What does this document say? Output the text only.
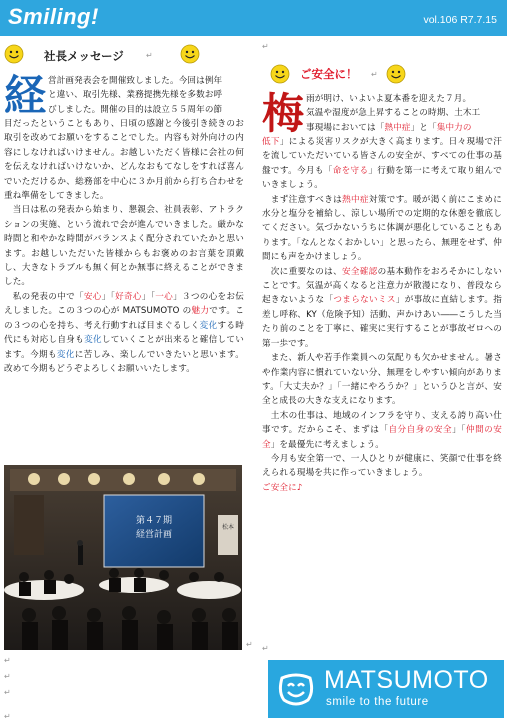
Smiling!	vol.106 R7.7.15
社長メッセージ	↵
経 営計画発表会を開催致しました。今回は例年
と違い、取引先様、業務提携先様を多数お呼
びしました。開催の目的は設立５５周年の節

目だったということもあり、日頃の感謝と今後引き続きのお取引を改めてお願いをすることでした。内容も対外向けの内容にしなければいけません。お越しいただく皆様に会社の何を伝えなければいけないか、どんなおもてなしをすれば喜んでいただけるか、総務部を中心に３か月前から打ち合わせを重ね準備をしてきました。

当日は私の発表から始まり、懇親会、社員表彰、アトラクションの実施、という流れで会が進んでいきました。厳かな時間と和やかな時間がバランスよく配分されていたかと思います。お越しいただいた皆様からもお褒めのお言葉を頂戴し、大きなトラブルも無く何とか無事に終えることができました。

私の発表の中で「安心」「好奇心」「一心」３つの心をお伝えしました。この３つの心が MATSUMOTO の魅力です。この３つの心を持ち、考え行動すれば目まぐるしく変化する時代にも対応し自身も変化していくことが出来ると確信しています。今期も変化に苦しみ、楽しんでいきたいと思います。改めて今期もどうぞよろしくお願いいたします。

第４７期
経営計画
松本
↵
↵
↵
↵
↵
↵
ご安全に！ ↵
梅 雨が明け、いよいよ夏本番を迎えた７月。
気温や湿度が急上昇することの時期、土木工
事現場においては「熱中症」と「集中力の

低下」による災害リスクが大きく高まります。日々現場で汗を流していただいている皆さんの安全が、すべての仕事の基盤です。今月も「命を守る」行動を第一に考えて取り組んでいきましょう。

まず注意すべきは熱中症対策です。暖が渇く前にこまめに水分と塩分を補給し、涼しい場所での定期的な休憩を徹底してください。気づかないうちに体調が悪化していることもあります。「なんとなくおかしい」と思ったら、無理をせず、仲間にも声をかけましょう。

次に重要なのは、安全確認の基本動作をおろそかにしないことです。気温が高くなると注意力が散漫になり、普段なら起きないような「つまらないミス」が事故に直結します。指差し呼称、KY（危険予知）活動、声かけあい――こうした当たり前のことを丁寧に、確実に実行することが事故ゼロへの第一歩です。

また、新人や若手作業員への気配りも欠かせません。暑さや作業内容に慣れていない分、無理をしやすい傾向があります。「大丈夫か？」「一緒にやろうか？」というひと言が、安全と成長の大きな支えになります。

土木の仕事は、地域のインフラを守り、支える誇り高い仕事です。だからこそ、まずは「自分自身の安全」「仲間の安全」を最優先に考えましょう。

今月も安全第一で、一人ひとりが健康に、笑顔で仕事を終えられる現場を共に作っていきましょう。

ご安全に♪

↵
MATSUMOTO
smile to the future
